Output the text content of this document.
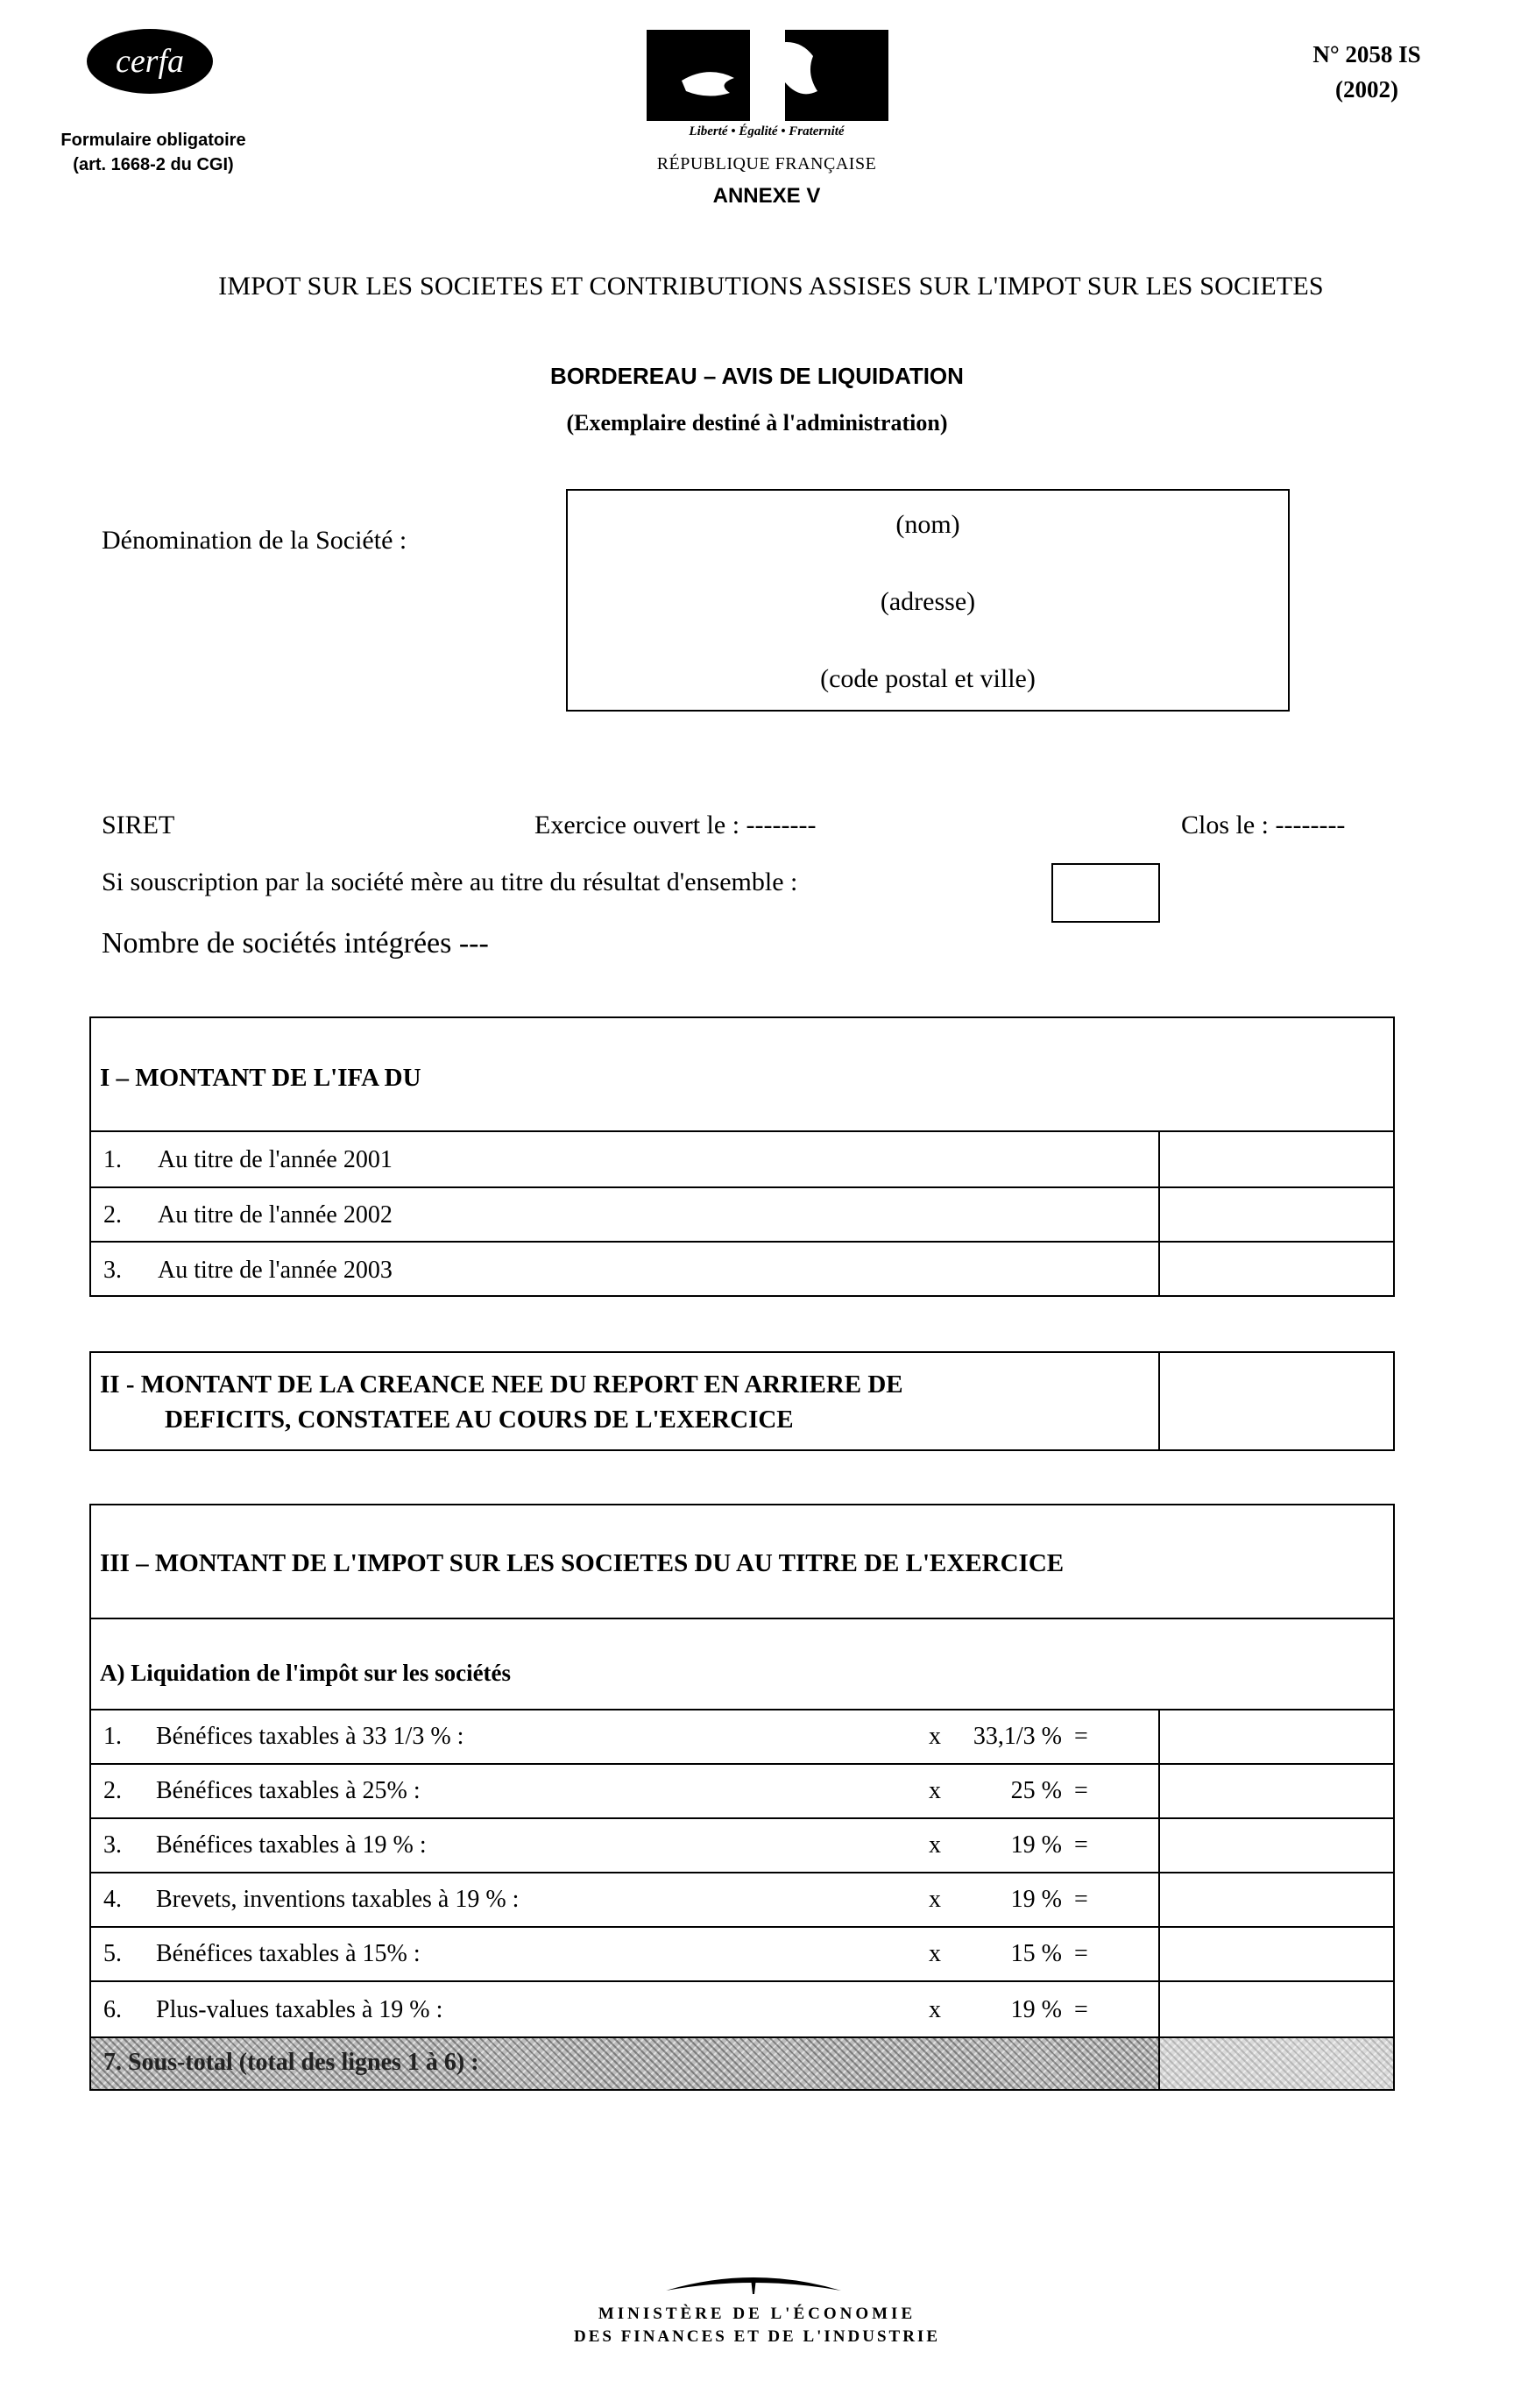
cerfa
Formulaire obligatoire
(art. 1668-2 du CGI)
Liberté • Égalité • Fraternité
RÉPUBLIQUE FRANÇAISE
ANNEXE V
N° 2058 IS
(2002)
IMPOT SUR LES SOCIETES ET CONTRIBUTIONS ASSISES SUR L'IMPOT SUR LES SOCIETES
BORDEREAU – AVIS DE LIQUIDATION
(Exemplaire destiné à l'administration)
Dénomination de la Société :
(nom)
(adresse)
(code postal et ville)
SIRET	Exercice ouvert le : --------	Clos le : --------
Si souscription par la société mère au titre du résultat d'ensemble :
Nombre de sociétés intégrées ---
I – MONTANT DE L'IFA DU
1. Au titre de l'année 2001
2. Au titre de l'année 2002
3. Au titre de l'année 2003
II - MONTANT DE LA CREANCE NEE DU REPORT EN ARRIERE DE
DEFICITS, CONSTATEE AU COURS DE L'EXERCICE
III – MONTANT DE L'IMPOT SUR LES SOCIETES DU AU TITRE DE L'EXERCICE
A) Liquidation de l'impôt sur les sociétés
1. Bénéfices taxables à 33 1/3 % :	x	33,1/3 % =
2. Bénéfices taxables à 25% :	x	25 % =
3. Bénéfices taxables à 19 % :	x	19 % =
4. Brevets, inventions taxables à 19 % :	x	19 % =
5. Bénéfices taxables à 15% :	x	15 % =
6. Plus-values taxables à 19 % :	x	19 % =
7. Sous-total (total des lignes 1 à 6) :
MINISTÈRE DE L'ÉCONOMIE
DES FINANCES ET DE L'INDUSTRIE
